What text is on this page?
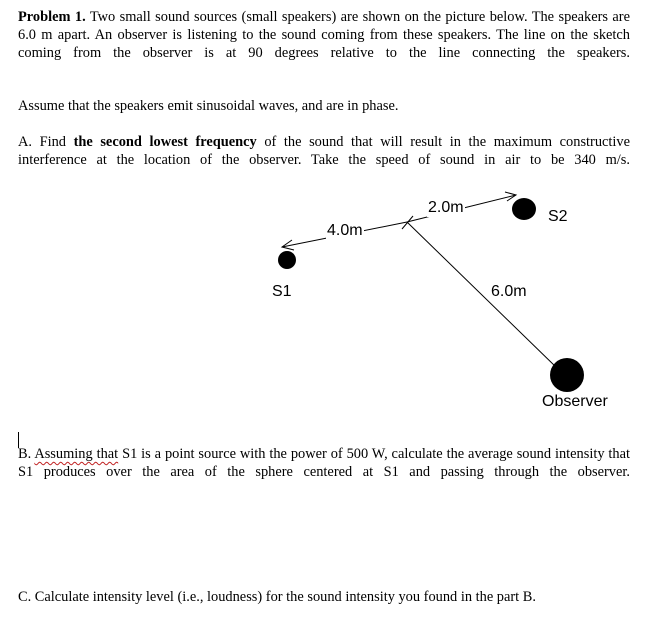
Problem 1. Two small sound sources (small speakers) are shown on the picture below. The speakers are 6.0 m apart. An observer is listening to the sound coming from these speakers. The line on the sketch coming from the observer is at 90 degrees relative to the line connecting the speakers.

Assume that the speakers emit sinusoidal waves, and are in phase.

A. Find the second lowest frequency of the sound that will result in the maximum constructive interference at the location of the observer. Take the speed of sound in air to be 340 m/s.

2.0m
4.0m
S2
S1	6.0m
Observer

B. Assuming that S1 is a point source with the power of 500 W, calculate the average sound intensity that S1 produces over the area of the sphere centered at S1 and passing through the observer.

C. Calculate intensity level (i.e., loudness) for the sound intensity you found in the part B.
